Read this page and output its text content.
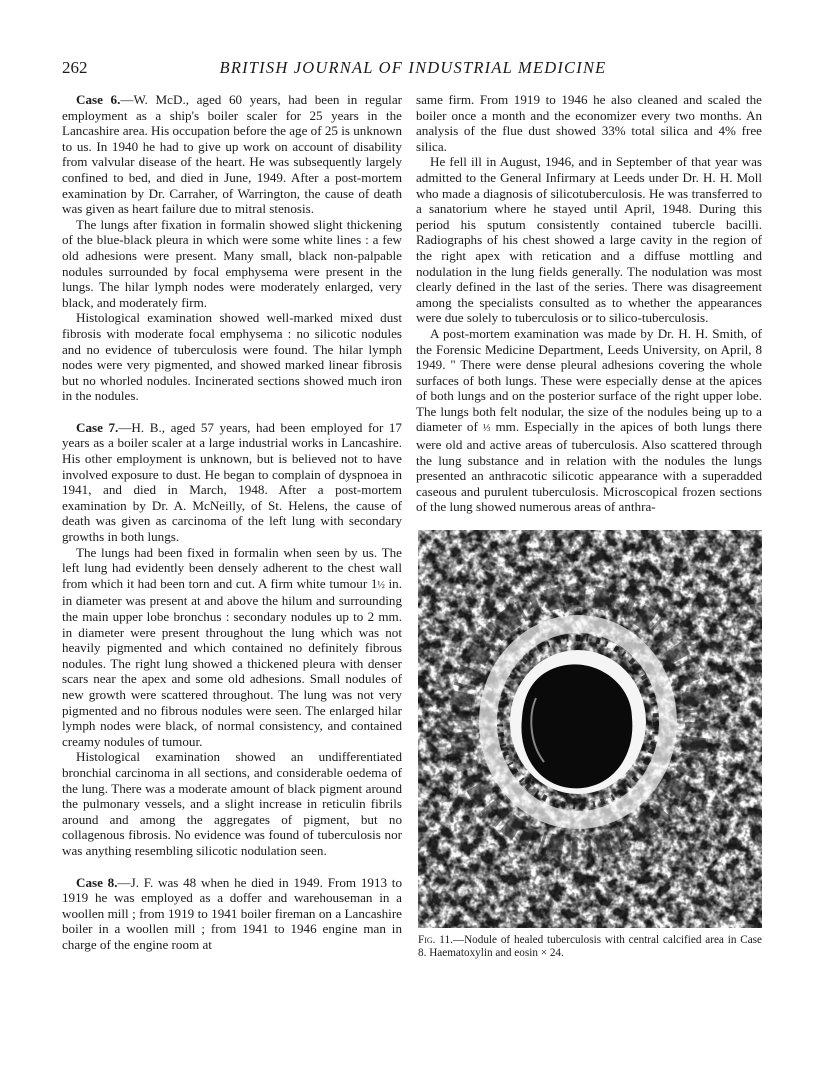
262	BRITISH JOURNAL OF INDUSTRIAL MEDICINE

Case 6.—W. McD., aged 60 years, had been in regular employment as a ship's boiler scaler for 25 years in the Lancashire area. His occupation before the age of 25 is unknown to us. In 1940 he had to give up work on account of disability from valvular disease of the heart. He was subsequently largely confined to bed, and died in June, 1949. After a post-mortem examination by Dr. Carraher, of Warrington, the cause of death was given as heart failure due to mitral stenosis.

The lungs after fixation in formalin showed slight thickening of the blue-black pleura in which were some white lines : a few old adhesions were present. Many small, black non-palpable nodules surrounded by focal emphysema were present in the lungs. The hilar lymph nodes were moderately enlarged, very black, and moderately firm.

Histological examination showed well-marked mixed dust fibrosis with moderate focal emphysema : no silicotic nodules and no evidence of tuberculosis were found. The hilar lymph nodes were very pigmented, and showed marked linear fibrosis but no whorled nodules. Incinerated sections showed much iron in the nodules.

Case 7.—H. B., aged 57 years, had been employed for 17 years as a boiler scaler at a large industrial works in Lancashire. His other employment is unknown, but is believed not to have involved exposure to dust. He began to complain of dyspnoea in 1941, and died in March, 1948. After a post-mortem examination by Dr. A. McNeilly, of St. Helens, the cause of death was given as carcinoma of the left lung with secondary growths in both lungs.

The lungs had been fixed in formalin when seen by us. The left lung had evidently been densely adherent to the chest wall from which it had been torn and cut. A firm white tumour 1½ in. in diameter was present at and above the hilum and surrounding the main upper lobe bronchus : secondary nodules up to 2 mm. in diameter were present throughout the lung which was not heavily pigmented and which contained no definitely fibrous nodules. The right lung showed a thickened pleura with denser scars near the apex and some old adhesions. Small nodules of new growth were scattered throughout. The lung was not very pigmented and no fibrous nodules were seen. The enlarged hilar lymph nodes were black, of normal consistency, and contained creamy nodules of tumour.

Histological examination showed an undifferentiated bronchial carcinoma in all sections, and considerable oedema of the lung. There was a moderate amount of black pigment around the pulmonary vessels, and a slight increase in reticulin fibrils around and among the aggregates of pigment, but no collagenous fibrosis. No evidence was found of tuberculosis nor was anything resembling silicotic nodulation seen.

Case 8.—J. F. was 48 when he died in 1949. From 1913 to 1919 he was employed as a doffer and warehouseman in a woollen mill ; from 1919 to 1941 boiler fireman on a Lancashire boiler in a woollen mill ; from 1941 to 1946 engine man in charge of the engine room at

same firm. From 1919 to 1946 he also cleaned and scaled the boiler once a month and the economizer every two months. An analysis of the flue dust showed 33% total silica and 4% free silica.

He fell ill in August, 1946, and in September of that year was admitted to the General Infirmary at Leeds under Dr. H. H. Moll who made a diagnosis of silicotuberculosis. He was transferred to a sanatorium where he stayed until April, 1948. During this period his sputum consistently contained tubercle bacilli. Radiographs of his chest showed a large cavity in the region of the right apex with retication and a diffuse mottling and nodulation in the lung fields generally. The nodulation was most clearly defined in the last of the series. There was disagreement among the specialists consulted as to whether the appearances were due solely to tuberculosis or to silico-tuberculosis.

A post-mortem examination was made by Dr. H. H. Smith, of the Forensic Medicine Department, Leeds University, on April, 8 1949. " There were dense pleural adhesions covering the whole surfaces of both lungs. These were especially dense at the apices of both lungs and on the posterior surface of the right upper lobe. The lungs both felt nodular, the size of the nodules being up to a diameter of ⅓ mm. Especially in the apices of both lungs there were old and active areas of tuberculosis. Also scattered through the lung substance and in relation with the nodules the lungs presented an anthracotic silicotic appearance with a superadded caseous and purulent tuberculosis. Microscopical frozen sections of the lung showed numerous areas of anthra-

Fig. 11.—Nodule of healed tuberculosis with central calcified area in Case 8. Haematoxylin and eosin × 24.
